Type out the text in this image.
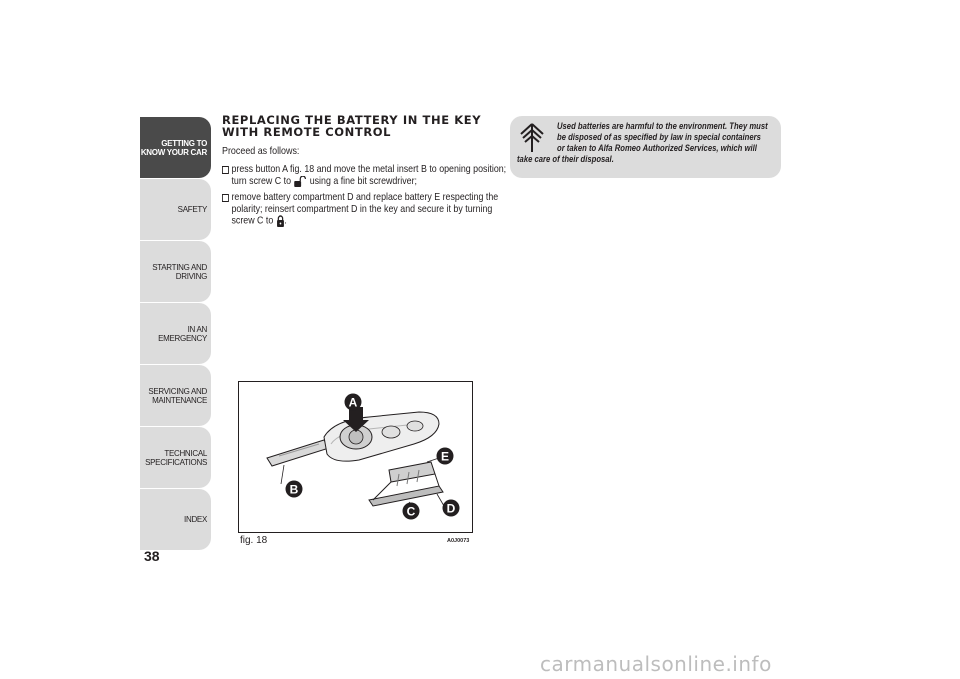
GETTING TO
KNOW YOUR CAR
SAFETY
STARTING AND
DRIVING
IN AN EMERGENCY
SERVICING AND
MAINTENANCE
TECHNICAL
SPECIFICATIONS
INDEX
38
REPLACING THE BATTERY IN THE KEY WITH REMOTE CONTROL
Proceed as follows:
press button A fig. 18 and move the metal insert B to opening position; turn screw C to  using a fine bit screwdriver;
remove battery compartment D and replace battery E respecting the polarity; reinsert compartment D in the key and secure it by turning screw C to .
A
E
B
D
C
fig. 18	A0J0073
Used batteries are harmful to the environment. They must
be disposed of as specified by law in special containers
or taken to Alfa Romeo Authorized Services, which will
take care of their disposal.
carmanualsonline.info
